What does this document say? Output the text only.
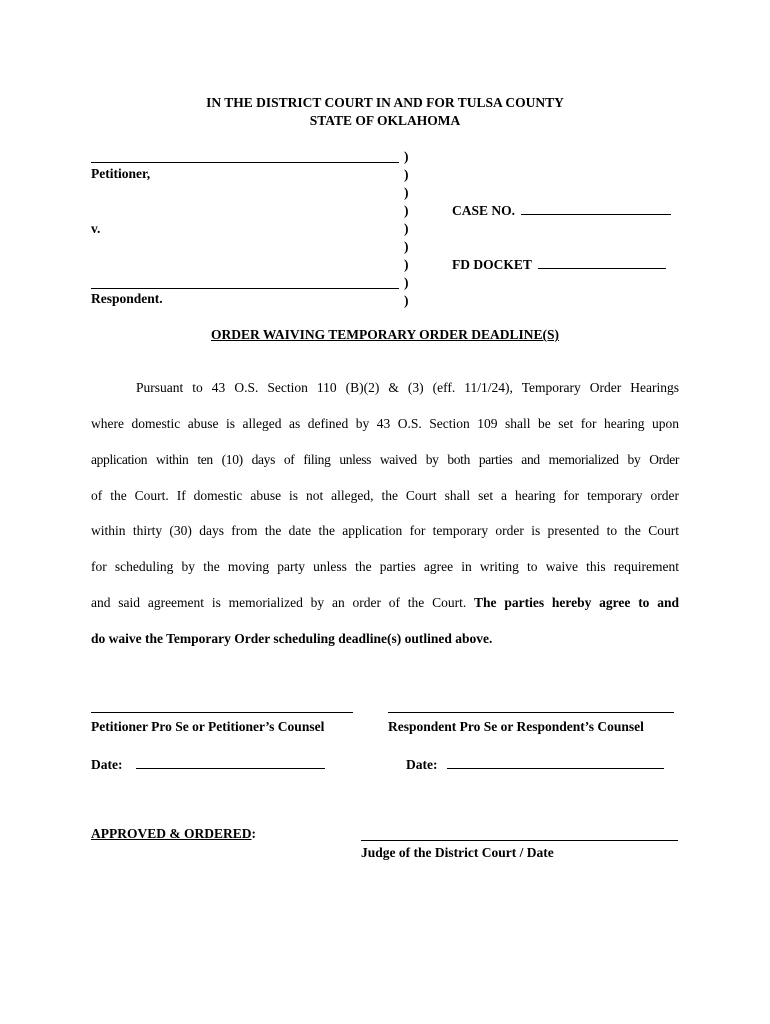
IN THE DISTRICT COURT IN AND FOR TULSA COUNTY
STATE OF OKLAHOMA
Petitioner,
v.
Respondent.
)
)
)
)
)
)
)
)
)
CASE NO.
FD DOCKET
ORDER WAIVING TEMPORARY ORDER DEADLINE(S)
Pursuant to 43 O.S. Section 110 (B)(2) & (3) (eff. 11/1/24), Temporary Order Hearings
where domestic abuse is alleged as defined by 43 O.S. Section 109 shall be set for hearing upon
application within ten (10) days of filing unless waived by both parties and memorialized by Order
of the Court. If domestic abuse is not alleged, the Court shall set a hearing for temporary order
within thirty (30) days from the date the application for temporary order is presented to the Court
for scheduling by the moving party unless the parties agree in writing to waive this requirement
and said agreement is memorialized by an order of the Court. The parties hereby agree to and
do waive the Temporary Order scheduling deadline(s) outlined above.
Petitioner Pro Se or Petitioner’s Counsel	Respondent Pro Se or Respondent’s Counsel
Date:	Date:
APPROVED & ORDERED:
Judge of the District Court / Date
